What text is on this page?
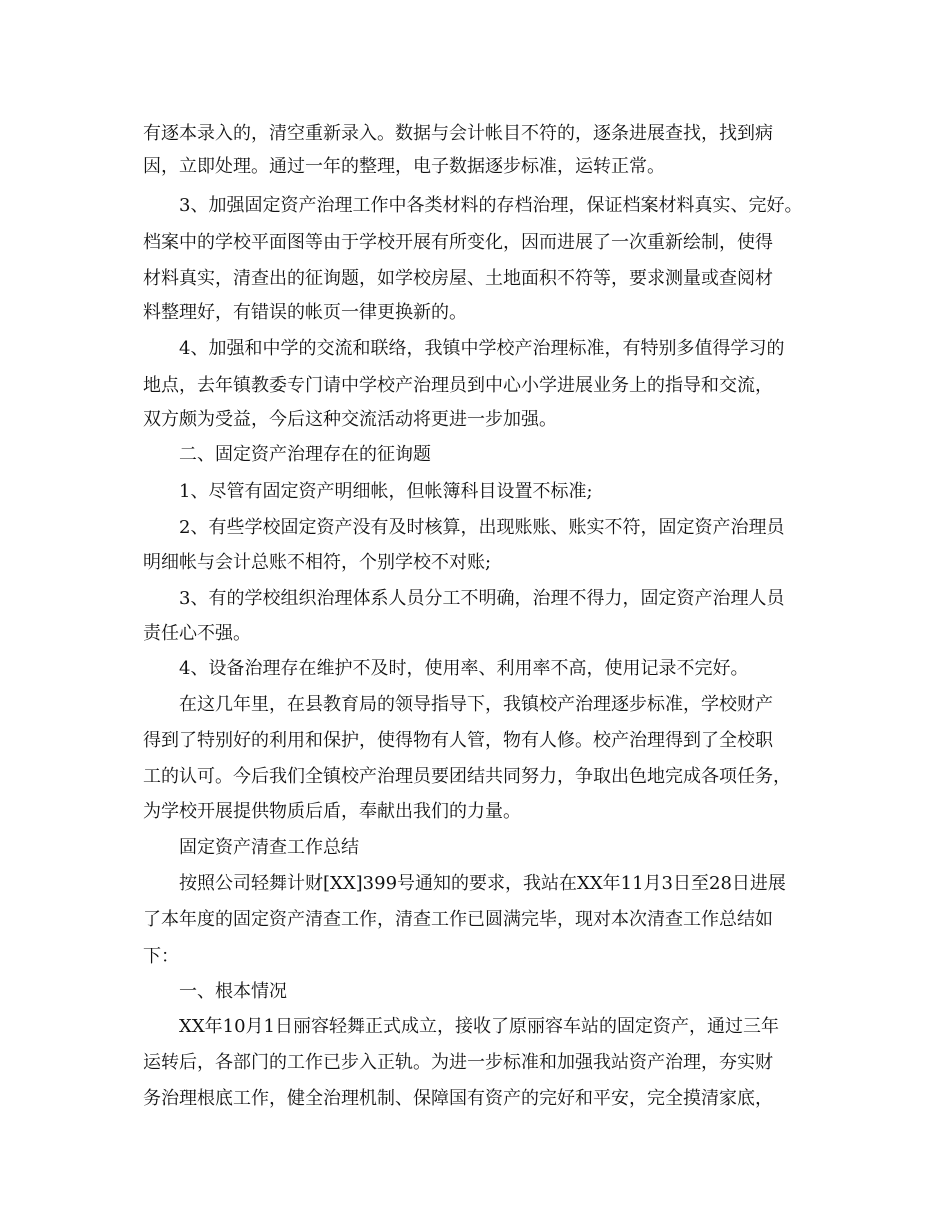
有逐本录入的，清空重新录入。数据与会计帐目不符的，逐条进展查找，找到病
因，立即处理。通过一年的整理，电子数据逐步标准，运转正常。
3、加强固定资产治理工作中各类材料的存档治理，保证档案材料真实、完好。
档案中的学校平面图等由于学校开展有所变化，因而进展了一次重新绘制，使得
材料真实，清查出的征询题，如学校房屋、土地面积不符等，要求测量或查阅材
料整理好，有错误的帐页一律更换新的。
4、加强和中学的交流和联络，我镇中学校产治理标准，有特别多值得学习的
地点，去年镇教委专门请中学校产治理员到中心小学进展业务上的指导和交流，
双方颇为受益，今后这种交流活动将更进一步加强。
二、固定资产治理存在的征询题
1、尽管有固定资产明细帐，但帐簿科目设置不标准;
2、有些学校固定资产没有及时核算，出现账账、账实不符，固定资产治理员
明细帐与会计总账不相符，个别学校不对账;
3、有的学校组织治理体系人员分工不明确，治理不得力，固定资产治理人员
责任心不强。
4、设备治理存在维护不及时，使用率、利用率不高，使用记录不完好。
在这几年里，在县教育局的领导指导下，我镇校产治理逐步标准，学校财产
得到了特别好的利用和保护，使得物有人管，物有人修。校产治理得到了全校职
工的认可。今后我们全镇校产治理员要团结共同努力，争取出色地完成各项任务，
为学校开展提供物质后盾，奉献出我们的力量。
固定资产清查工作总结
按照公司轻舞计财[XX]399号通知的要求，我站在XX年11月3日至28日进展
了本年度的固定资产清查工作，清查工作已圆满完毕，现对本次清查工作总结如
下：
一、根本情况
XX年10月1日丽容轻舞正式成立，接收了原丽容车站的固定资产，通过三年
运转后，各部门的工作已步入正轨。为进一步标准和加强我站资产治理，夯实财
务治理根底工作，健全治理机制、保障国有资产的完好和平安，完全摸清家底，
